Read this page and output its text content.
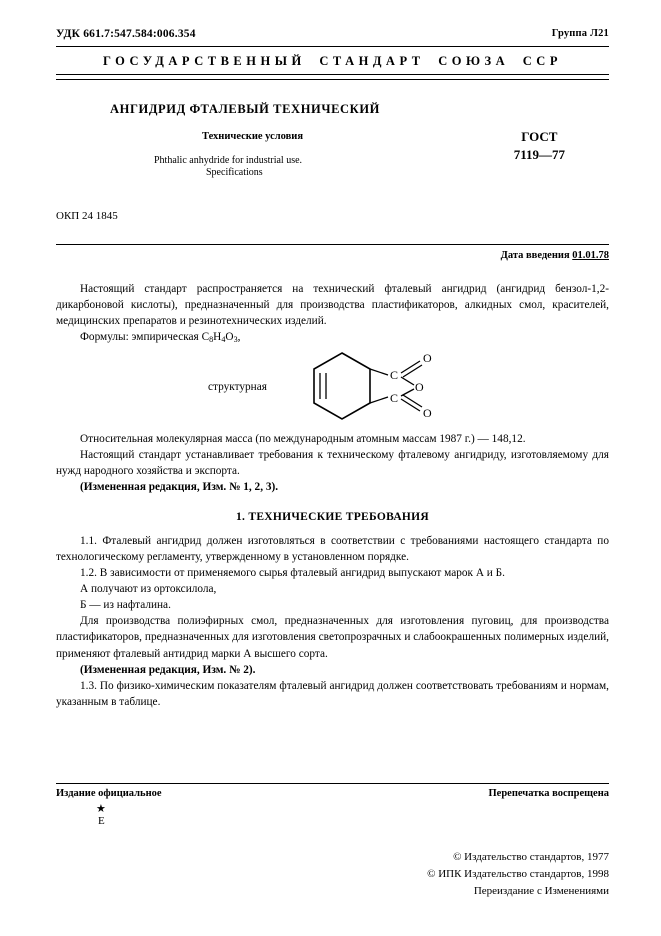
УДК 661.7:547.584:006.354	Группа Л21
ГОСУДАРСТВЕННЫЙ СТАНДАРТ СОЮЗА ССР
АНГИДРИД ФТАЛЕВЫЙ ТЕХНИЧЕСКИЙ
Технические условия
Phthalic anhydride for industrial use.
Specifications
ГОСТ
7119—77
ОКП 24 1845
Дата введения 01.01.78

Настоящий стандарт распространяется на технический фталевый ангидрид (ангидрид бензол-1,2-дикарбоновой кислоты), предназначенный для производства пластификаторов, алкидных смол, красителей, медицинских препаратов и резинотехнических изделий.

Формулы: эмпирическая $C_8H_4O_3$,

структурная
C
C
O
O
O

Относительная молекулярная масса (по международным атомным массам 1987 г.) — 148,12.

Настоящий стандарт устанавливает требования к техническому фталевому ангидриду, изготовляемому для нужд народного хозяйства и экспорта.

(Измененная редакция, Изм. № 1, 2, 3).

1. ТЕХНИЧЕСКИЕ ТРЕБОВАНИЯ

1.1. Фталевый ангидрид должен изготовляться в соответствии с требованиями настоящего стандарта по технологическому регламенту, утвержденному в установленном порядке.

1.2. В зависимости от применяемого сырья фталевый ангидрид выпускают марок А и Б.

А получают из ортоксилола,

Б — из нафталина.

Для производства полиэфирных смол, предназначенных для изготовления пуговиц, для производства пластификаторов, предназначенных для изготовления светопрозрачных и слабоокрашенных полимерных изделий, применяют фталевый антидрид марки А высшего сорта.

(Измененная редакция, Изм. № 2).

1.3. По физико-химическим показателям фталевый ангидрид должен соответствовать требованиям и нормам, указанным в таблице.

Издание официальное	Перепечатка воспрещена
★
Е
© Издательство стандартов, 1977
© ИПК Издательство стандартов, 1998
Переиздание с Изменениями
